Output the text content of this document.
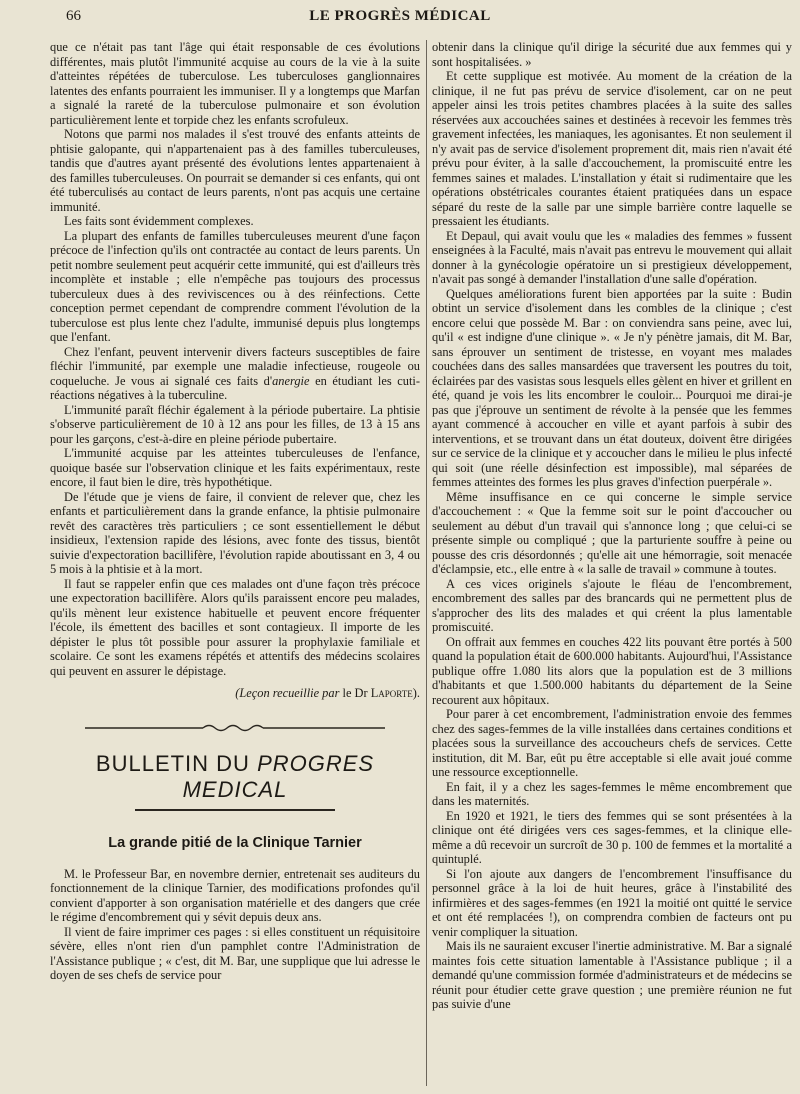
66	LE PROGRÈS MÉDICAL

que ce n'était pas tant l'âge qui était responsable de ces évolutions différentes, mais plutôt l'immunité acquise au cours de la vie à la suite d'atteintes répétées de tuberculose. Les tuberculoses ganglionnaires latentes des enfants pourraient les immuniser. Il y a longtemps que Marfan a signalé la rareté de la tuberculose pulmonaire et son évolution particulièrement lente et torpide chez les enfants scrofuleux.

Notons que parmi nos malades il s'est trouvé des enfants atteints de phtisie galopante, qui n'appartenaient pas à des familles tuberculeuses, tandis que d'autres ayant présenté des évolutions lentes appartenaient à des familles tuberculeuses. On pourrait se demander si ces enfants, qui ont été tuberculisés au contact de leurs parents, n'ont pas acquis une certaine immunité.

Les faits sont évidemment complexes.

La plupart des enfants de familles tuberculeuses meurent d'une façon précoce de l'infection qu'ils ont contractée au contact de leurs parents. Un petit nombre seulement peut acquérir cette immunité, qui est d'ailleurs très incomplète et instable ; elle n'empêche pas toujours des processus tuberculeux dues à des reviviscences ou à des réinfections. Cette conception permet cependant de comprendre comment l'évolution de la tuberculose est plus lente chez l'adulte, immunisé depuis plus longtemps que l'enfant.

Chez l'enfant, peuvent intervenir divers facteurs susceptibles de faire fléchir l'immunité, par exemple une maladie infectieuse, rougeole ou coqueluche. Je vous ai signalé ces faits d'anergie en étudiant les cuti-réactions négatives à la tuberculine.

L'immunité paraît fléchir également à la période pubertaire. La phtisie s'observe particulièrement de 10 à 12 ans pour les filles, de 13 à 15 ans pour les garçons, c'est-à-dire en pleine période pubertaire.

L'immunité acquise par les atteintes tuberculeuses de l'enfance, quoique basée sur l'observation clinique et les faits expérimentaux, reste encore, il faut bien le dire, très hypothétique.

De l'étude que je viens de faire, il convient de relever que, chez les enfants et particulièrement dans la grande enfance, la phtisie pulmonaire revêt des caractères très particuliers ; ce sont essentiellement le début insidieux, l'extension rapide des lésions, avec fonte des tissus, bientôt suivie d'expectoration bacillifère, l'évolution rapide aboutissant en 3, 4 ou 5 mois à la phtisie et à la mort.

Il faut se rappeler enfin que ces malades ont d'une façon très précoce une expectoration bacillifère. Alors qu'ils paraissent encore peu malades, qu'ils mènent leur existence habituelle et peuvent encore fréquenter l'école, ils émettent des bacilles et sont contagieux. Il importe de les dépister le plus tôt possible pour assurer la prophylaxie familiale et scolaire. Ce sont les examens répétés et attentifs des médecins scolaires qui peuvent en assurer le dépistage.

(Leçon recueillie par le Dr Laporte).
BULLETIN DU PROGRES MEDICAL
La grande pitié de la Clinique Tarnier

M. le Professeur Bar, en novembre dernier, entretenait ses auditeurs du fonctionnement de la clinique Tarnier, des modifications profondes qu'il convient d'apporter à son organisation matérielle et des dangers que crée le régime d'encombrement qui y sévit depuis deux ans.

Il vient de faire imprimer ces pages : si elles constituent un réquisitoire sévère, elles n'ont rien d'un pamphlet contre l'Administration de l'Assistance publique ; « c'est, dit M. Bar, une supplique que lui adresse le doyen de ses chefs de service pour

obtenir dans la clinique qu'il dirige la sécurité due aux femmes qui y sont hospitalisées. »

Et cette supplique est motivée. Au moment de la création de la clinique, il ne fut pas prévu de service d'isolement, car on ne peut appeler ainsi les trois petites chambres placées à la suite des salles réservées aux accouchées saines et destinées à recevoir les femmes très gravement infectées, les maniaques, les agonisantes. Et non seulement il n'y avait pas de service d'isolement proprement dit, mais rien n'avait été prévu pour éviter, à la salle d'accouchement, la promiscuité entre les femmes saines et malades. L'installation y était si rudimentaire que les opérations obstétricales courantes étaient pratiquées dans un espace séparé du reste de la salle par une simple barrière contre laquelle se pressaient les étudiants.

Et Depaul, qui avait voulu que les « maladies des femmes » fussent enseignées à la Faculté, mais n'avait pas entrevu le mouvement qui allait donner à la gynécologie opératoire un si prestigieux développement, n'avait pas songé à demander l'installation d'une salle d'opération.

Quelques améliorations furent bien apportées par la suite : Budin obtint un service d'isolement dans les combles de la clinique ; c'est encore celui que possède M. Bar : on conviendra sans peine, avec lui, qu'il « est indigne d'une clinique ». « Je n'y pénètre jamais, dit M. Bar, sans éprouver un sentiment de tristesse, en voyant mes malades couchées dans des salles mansardées que traversent les poutres du toit, éclairées par des vasistas sous lesquels elles gèlent en hiver et grillent en été, quand je vois les lits encombrer le couloir... Pourquoi me dirai-je pas que j'éprouve un sentiment de révolte à la pensée que les femmes ayant commencé à accoucher en ville et ayant parfois à subir des interventions, et se trouvant dans un état douteux, doivent être dirigées sur ce service de la clinique et y accoucher dans le milieu le plus infecté qui soit (une réelle désinfection est impossible), mal séparées de femmes atteintes des formes les plus graves d'infection puerpérale ».

Même insuffisance en ce qui concerne le simple service d'accouchement : « Que la femme soit sur le point d'accoucher ou seulement au début d'un travail qui s'annonce long ; que celui-ci se présente simple ou compliqué ; que la parturiente souffre à peine ou pousse des cris désordonnés ; qu'elle ait une hémorragie, soit menacée d'éclampsie, etc., elle entre à « la salle de travail » commune à toutes.

A ces vices originels s'ajoute le fléau de l'encombrement, encombrement des salles par des brancards qui ne permettent plus de s'approcher des lits des malades et qui créent la plus lamentable promiscuité.

On offrait aux femmes en couches 422 lits pouvant être portés à 500 quand la population était de 600.000 habitants. Aujourd'hui, l'Assistance publique offre 1.080 lits alors que la population est de 3 millions d'habitants et que 1.500.000 habitants du département de la Seine recourent aux hôpitaux.

Pour parer à cet encombrement, l'administration envoie des femmes chez des sages-femmes de la ville installées dans certaines conditions et placées sous la surveillance des accoucheurs chefs de services. Cette institution, dit M. Bar, eût pu être acceptable si elle avait joué comme une ressource exceptionnelle.

En fait, il y a chez les sages-femmes le même encombrement que dans les maternités.

En 1920 et 1921, le tiers des femmes qui se sont présentées à la clinique ont été dirigées vers ces sages-femmes, et la clinique elle-même a dû recevoir un surcroît de 30 p. 100 de femmes et la mortalité a quintuplé.

Si l'on ajoute aux dangers de l'encombrement l'insuffisance du personnel grâce à la loi de huit heures, grâce à l'instabilité des infirmières et des sages-femmes (en 1921 la moitié ont quitté le service et ont été remplacées !), on comprendra combien de facteurs ont pu venir compliquer la situation.

Mais ils ne sauraient excuser l'inertie administrative. M. Bar a signalé maintes fois cette situation lamentable à l'Assistance publique ; il a demandé qu'une commission formée d'administrateurs et de médecins se réunit pour étudier cette grave question ; une première réunion ne fut pas suivie d'une
